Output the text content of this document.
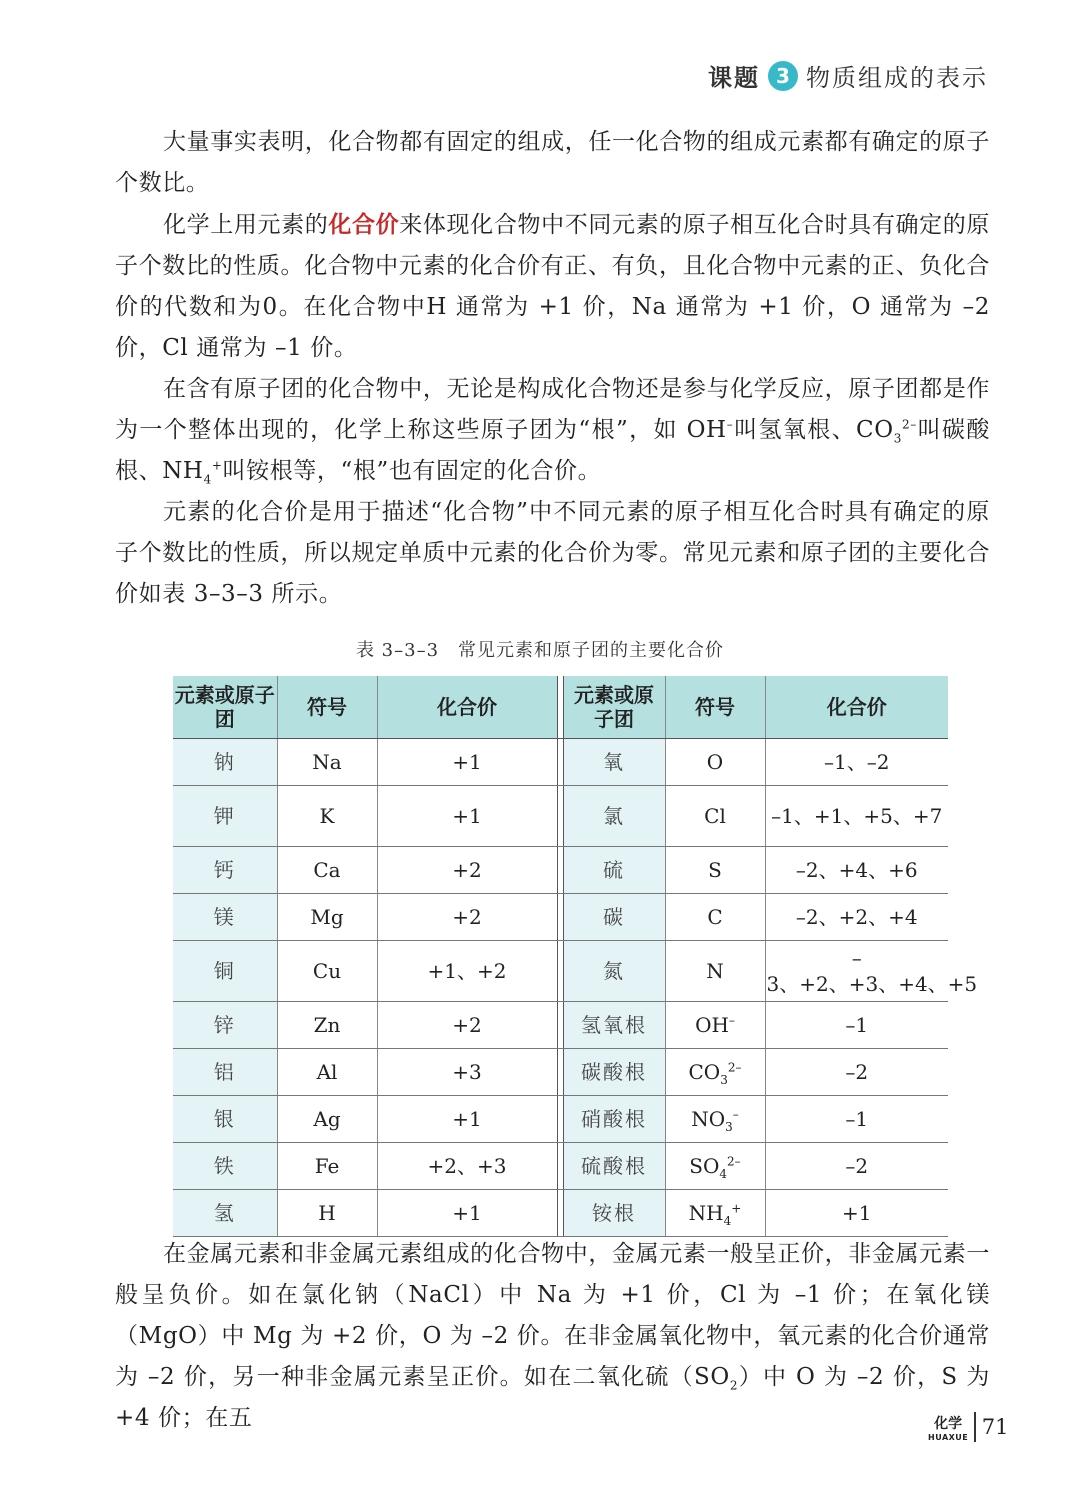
课题 3 物质组成的表示

大量事实表明，化合物都有固定的组成，任一化合物的组成元素都有确定的原子个数比。

化学上用元素的化合价来体现化合物中不同元素的原子相互化合时具有确定的原子个数比的性质。化合物中元素的化合价有正、有负，且化合物中元素的正、负化合价的代数和为0。在化合物中H 通常为 +1 价，Na 通常为 +1 价，O 通常为 –2 价，Cl 通常为 –1 价。

在含有原子团的化合物中，无论是构成化合物还是参与化学反应，原子团都是作为一个整体出现的，化学上称这些原子团为“根”，如 OH–叫氢氧根、$CO_3^{2-}$叫碳酸根、$NH_4^+$叫铵根等，“根”也有固定的化合价。

元素的化合价是用于描述“化合物”中不同元素的原子相互化合时具有确定的原子个数比的性质，所以规定单质中元素的化合价为零。常见元素和原子团的主要化合价如表 3–3–3 所示。

表 3–3–3　常见元素和原子团的主要化合价
元素或原子团	符号	化合价		元素或原子团	符号	化合价
钠	Na	+1		氧	O	–1、–2
钾	K	+1		氯	Cl	–1、+1、+5、+7
钙	Ca	+2		硫	S	–2、+4、+6
镁	Mg	+2		碳	C	–2、+2、+4
铜	Cu	+1、+2		氮	N	–3、+2、+3、+4、+5
锌	Zn	+2		氢氧根	OH–	–1
铝	Al	+3		碳酸根	$CO_3^{2-}$	–2
银	Ag	+1		硝酸根	$NO_3^-$	–1
铁	Fe	+2、+3		硫酸根	$SO_4^{2-}$	–2
氢	H	+1		铵根	$NH_4^+$	+1

在金属元素和非金属元素组成的化合物中，金属元素一般呈正价，非金属元素一般呈负价。如在氯化钠（NaCl）中 Na 为 +1 价，Cl 为 –1 价；在氧化镁（MgO）中 Mg 为 +2 价，O 为 –2 价。在非金属氧化物中，氧元素的化合价通常为 –2 价，另一种非金属元素呈正价。如在二氧化硫$(SO_2)$中 O 为 –2 价，S 为 +4 价；在五	化学
HUAXUE 71
